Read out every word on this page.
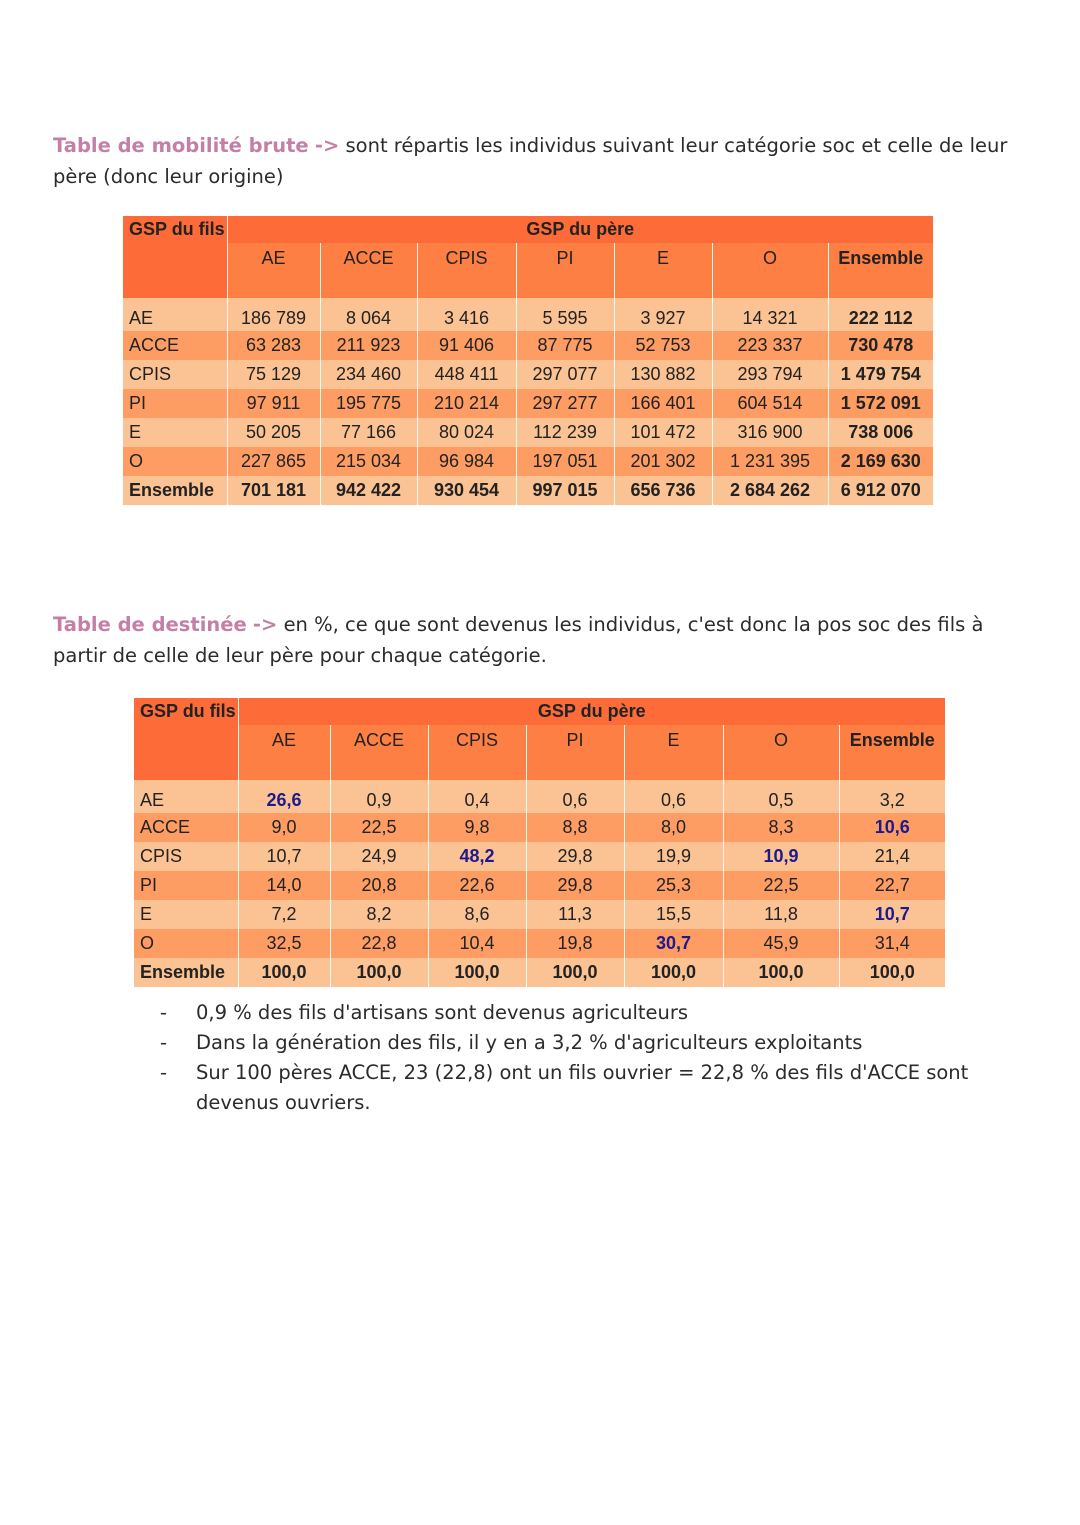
Table de mobilité brute -> sont répartis les individus suivant leur catégorie soc et celle de leur père (donc leur origine)
GSP du fils	GSP du père						
	AE	ACCE	CPIS	PI	E	O	Ensemble
AE	186 789	8 064	3 416	5 595	3 927	14 321	222 112
ACCE	63 283	211 923	91 406	87 775	52 753	223 337	730 478
CPIS	75 129	234 460	448 411	297 077	130 882	293 794	1 479 754
PI	97 911	195 775	210 214	297 277	166 401	604 514	1 572 091
E	50 205	77 166	80 024	112 239	101 472	316 900	738 006
O	227 865	215 034	96 984	197 051	201 302	1 231 395	2 169 630
Ensemble	701 181	942 422	930 454	997 015	656 736	2 684 262	6 912 070
Table de destinée -> en %, ce que sont devenus les individus, c'est donc la pos soc des fils à partir de celle de leur père pour chaque catégorie.
GSP du fils	GSP du père						
	AE	ACCE	CPIS	PI	E	O	Ensemble
AE	26,6	0,9	0,4	0,6	0,6	0,5	3,2
ACCE	9,0	22,5	9,8	8,8	8,0	8,3	10,6
CPIS	10,7	24,9	48,2	29,8	19,9	10,9	21,4
PI	14,0	20,8	22,6	29,8	25,3	22,5	22,7
E	7,2	8,2	8,6	11,3	15,5	11,8	10,7
O	32,5	22,8	10,4	19,8	30,7	45,9	31,4
Ensemble	100,0	100,0	100,0	100,0	100,0	100,0	100,0
- 0,9 % des fils d'artisans sont devenus agriculteurs
- Dans la génération des fils, il y en a 3,2 % d'agriculteurs exploitants
- Sur 100 pères ACCE, 23 (22,8) ont un fils ouvrier = 22,8 % des fils d'ACCE sont devenus ouvriers.
